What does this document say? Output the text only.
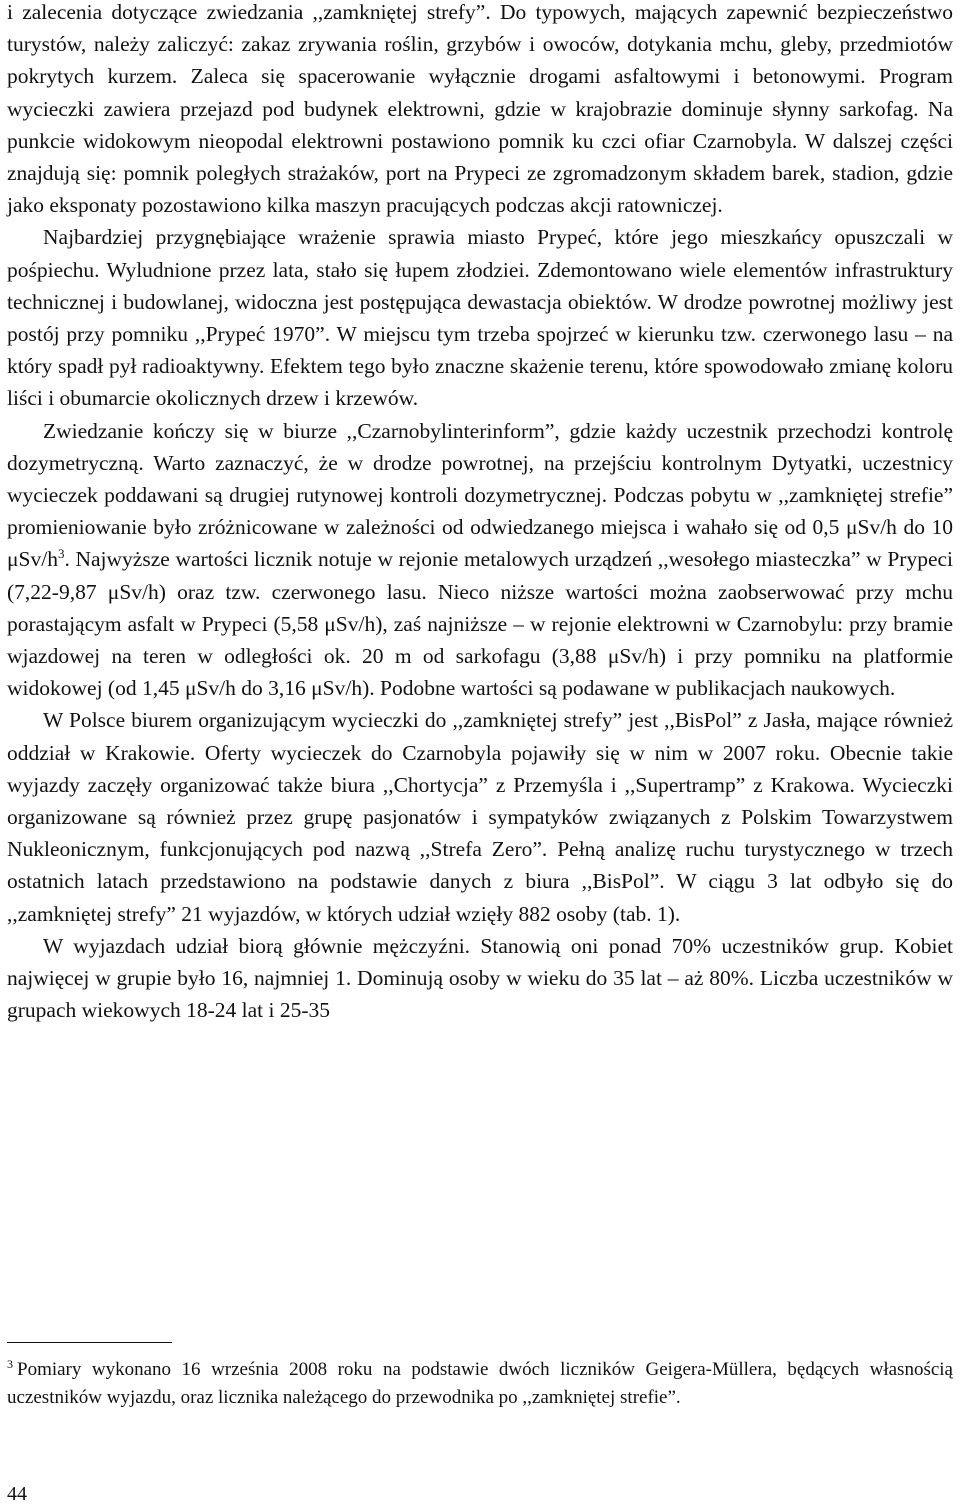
i zalecenia dotyczące zwiedzania ,,zamkniętej strefy”. Do typowych, mających zapewnić bezpieczeństwo turystów, należy zaliczyć: zakaz zrywania roślin, grzybów i owoców, dotykania mchu, gleby, przedmiotów pokrytych kurzem. Zaleca się spacerowanie wyłącznie drogami asfaltowymi i betonowymi. Program wycieczki zawiera przejazd pod budynek elektrowni, gdzie w krajobrazie dominuje słynny sarkofag. Na punkcie widokowym nieopodal elektrowni postawiono pomnik ku czci ofiar Czarnobyla. W dalszej części znajdują się: pomnik poległych strażaków, port na Prypeci ze zgromadzonym składem barek, stadion, gdzie jako eksponaty pozostawiono kilka maszyn pracujących podczas akcji ratowniczej.

Najbardziej przygnębiające wrażenie sprawia miasto Prypeć, które jego mieszkańcy opuszczali w pośpiechu. Wyludnione przez lata, stało się łupem złodziei. Zdemontowano wiele elementów infrastruktury technicznej i budowlanej, widoczna jest postępująca dewastacja obiektów. W drodze powrotnej możliwy jest postój przy pomniku ,,Prypeć 1970”. W miejscu tym trzeba spojrzeć w kierunku tzw. czerwonego lasu – na który spadł pył radioaktywny. Efektem tego było znaczne skażenie terenu, które spowodowało zmianę koloru liści i obumarcie okolicznych drzew i krzewów.

Zwiedzanie kończy się w biurze ,,Czarnobylinterinform”, gdzie każdy uczestnik przechodzi kontrolę dozymetryczną. Warto zaznaczyć, że w drodze powrotnej, na przejściu kontrolnym Dytyatki, uczestnicy wycieczek poddawani są drugiej rutynowej kontroli dozymetrycznej. Podczas pobytu w ,,zamkniętej strefie” promieniowanie było zróżnicowane w zależności od odwiedzanego miejsca i wahało się od 0,5 μSv/h do 10 μSv/$h^3$. Najwyższe wartości licznik notuje w rejonie metalowych urządzeń ,,wesołego miasteczka” w Prypeci (7,22-9,87 μSv/h) oraz tzw. czerwonego lasu. Nieco niższe wartości można zaobserwować przy mchu porastającym asfalt w Prypeci (5,58 μSv/h), zaś najniższe – w rejonie elektrowni w Czarnobylu: przy bramie wjazdowej na teren w odległości ok. 20 m od sarkofagu (3,88 μSv/h) i przy pomniku na platformie widokowej (od 1,45 μSv/h do 3,16 μSv/h). Podobne wartości są podawane w publikacjach naukowych.

W Polsce biurem organizującym wycieczki do ,,zamkniętej strefy” jest ,,BisPol” z Jasła, mające również oddział w Krakowie. Oferty wycieczek do Czarnobyla pojawiły się w nim w 2007 roku. Obecnie takie wyjazdy zaczęły organizować także biura ,,Chortycja” z Przemyśla i ,,Supertramp” z Krakowa. Wycieczki organizowane są również przez grupę pasjonatów i sympatyków związanych z Polskim Towarzystwem Nukleonicznym, funkcjonujących pod nazwą ,,Strefa Zero”. Pełną analizę ruchu turystycznego w trzech ostatnich latach przedstawiono na podstawie danych z biura ,,BisPol”. W ciągu 3 lat odbyło się do ,,zamkniętej strefy” 21 wyjazdów, w których udział wzięły 882 osoby (tab. 1).

W wyjazdach udział biorą głównie mężczyźni. Stanowią oni ponad 70% uczestników grup. Kobiet najwięcej w grupie było 16, najmniej 1. Dominują osoby w wieku do 35 lat – aż 80%. Liczba uczestników w grupach wiekowych 18-24 lat i 25-35

$^3$ Pomiary wykonano 16 września 2008 roku na podstawie dwóch liczników Geigera-Müllera, będących własnością uczestników wyjazdu, oraz licznika należącego do przewodnika po ,,zamkniętej strefie”.
44
